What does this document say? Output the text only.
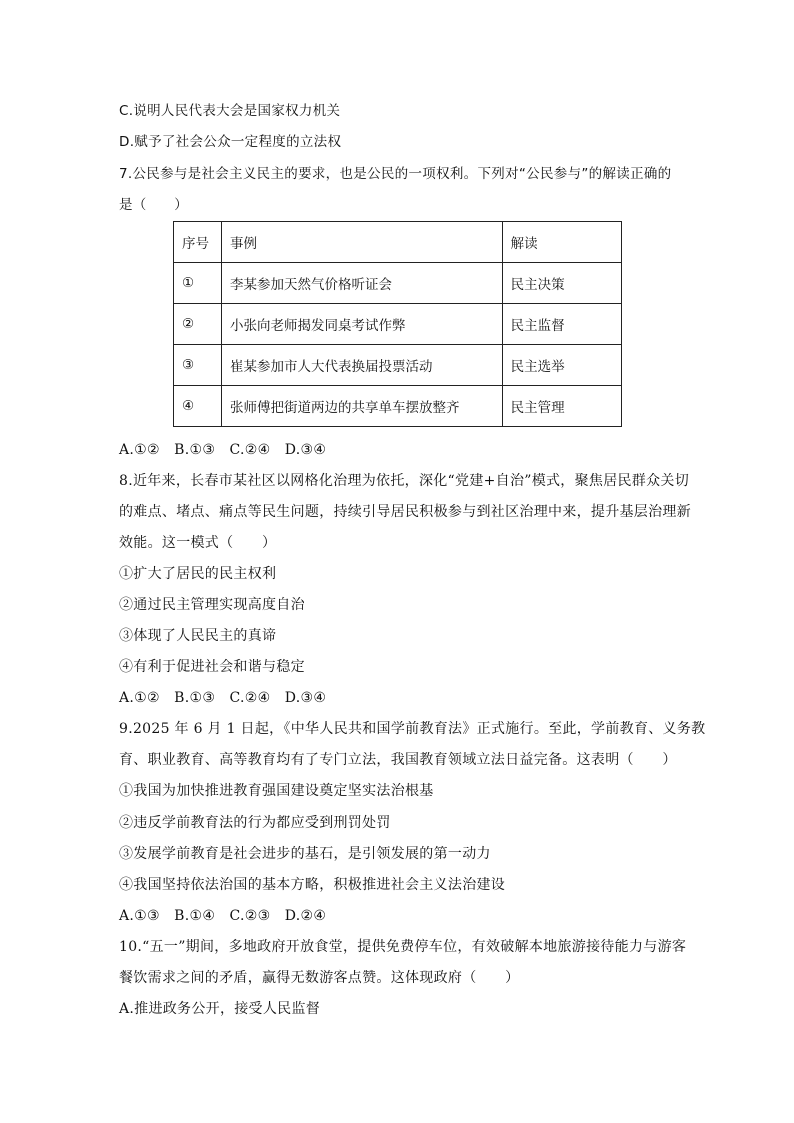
C.说明人民代表大会是国家权力机关
D.赋予了社会公众一定程度的立法权
7.公民参与是社会主义民主的要求，也是公民的一项权利。下列对“公民参与”的解读正确的
是（　　）
序号	事例	解读
①	李某参加天然气价格听证会	民主决策
②	小张向老师揭发同桌考试作弊	民主监督
③	崔某参加市人大代表换届投票活动	民主选举
④	张师傅把街道两边的共享单车摆放整齐	民主管理
A.①②　B.①③　C.②④　D.③④
8.近年来，长春市某社区以网格化治理为依托，深化“党建+自治”模式，聚焦居民群众关切
的难点、堵点、痛点等民生问题，持续引导居民积极参与到社区治理中来，提升基层治理新
效能。这一模式（　　）
①扩大了居民的民主权利
②通过民主管理实现高度自治
③体现了人民民主的真谛
④有利于促进社会和谐与稳定
A.①②　B.①③　C.②④　D.③④
9.2025 年 6 月 1 日起，《中华人民共和国学前教育法》正式施行。至此，学前教育、义务教
育、职业教育、高等教育均有了专门立法，我国教育领域立法日益完备。这表明（　　）
①我国为加快推进教育强国建设奠定坚实法治根基
②违反学前教育法的行为都应受到刑罚处罚
③发展学前教育是社会进步的基石，是引领发展的第一动力
④我国坚持依法治国的基本方略，积极推进社会主义法治建设
A.①③　B.①④　C.②③　D.②④
10.“五一”期间，多地政府开放食堂，提供免费停车位，有效破解本地旅游接待能力与游客
餐饮需求之间的矛盾，赢得无数游客点赞。这体现政府（　　）
A.推进政务公开，接受人民监督
